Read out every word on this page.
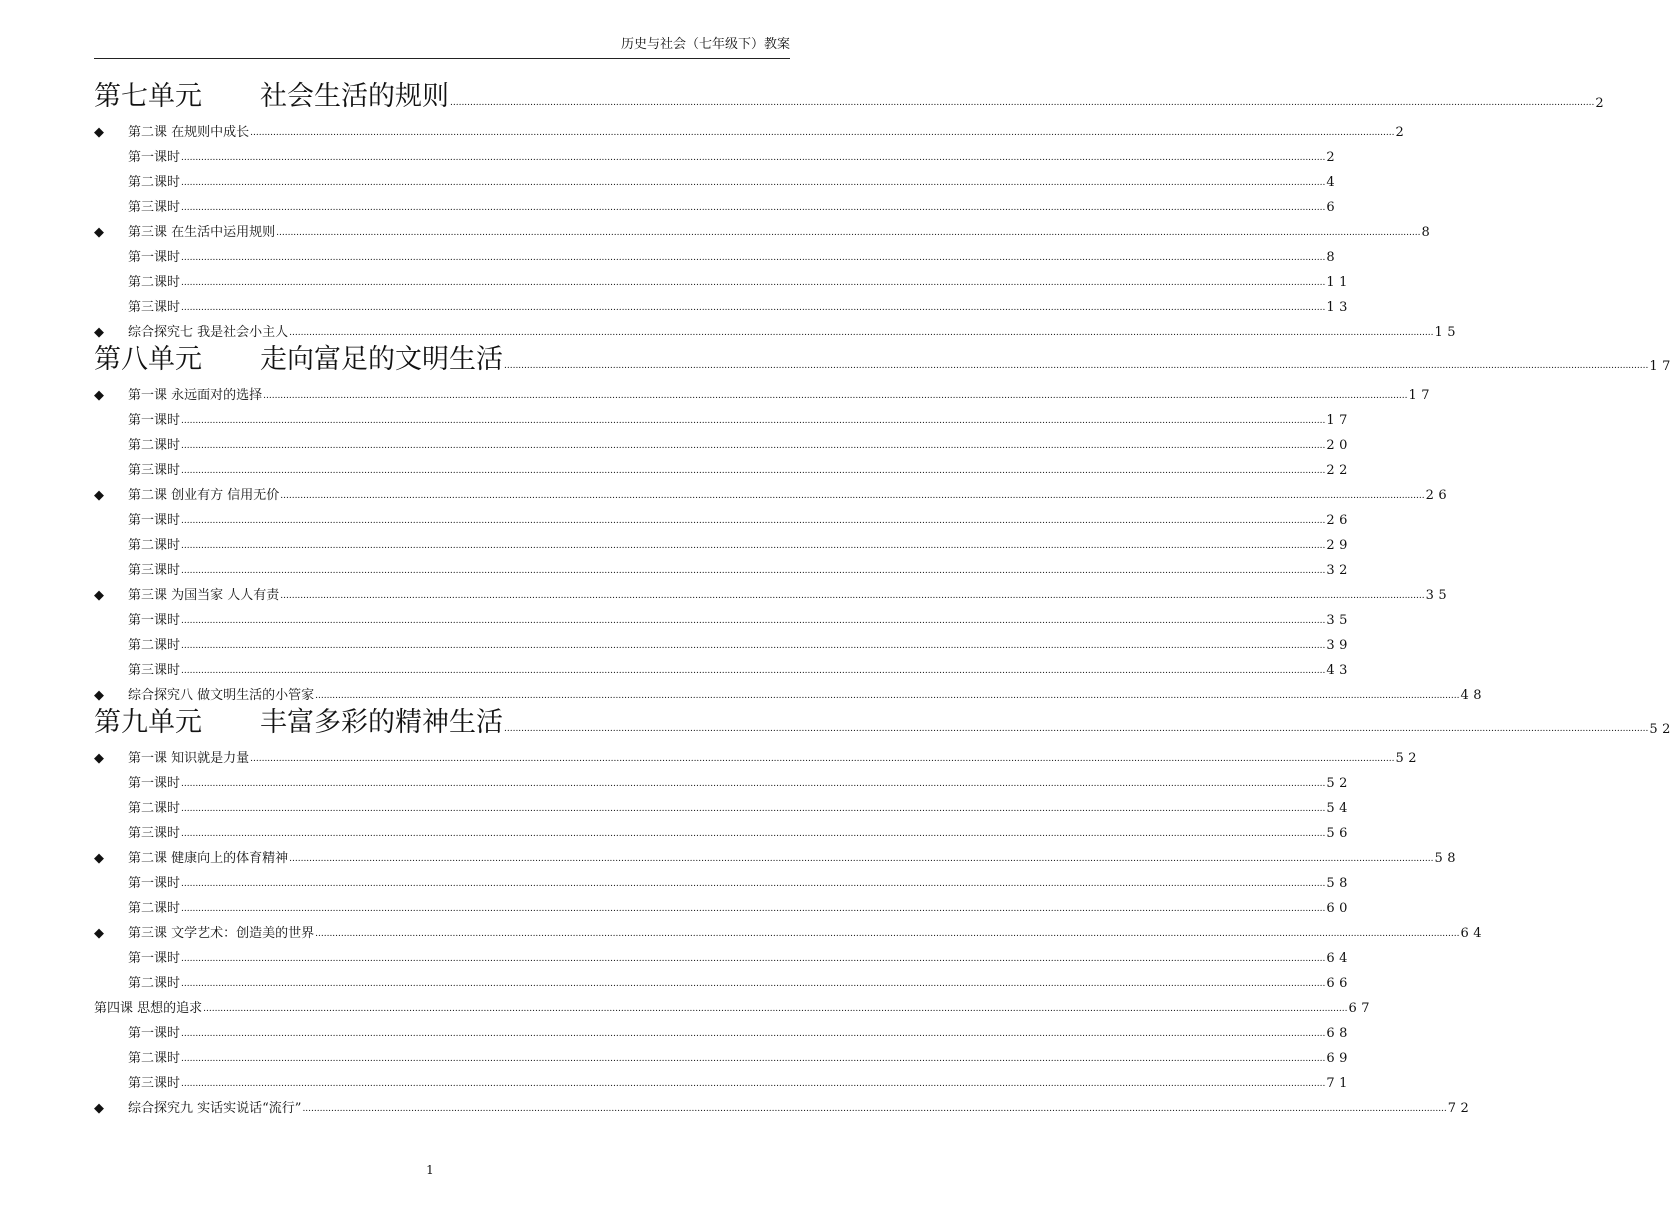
历史与社会（七年级下）教案
第七单元 社会生活的规则 ................................................................................................................................................................................................................................................................................................................................................................................................................ 2
◆ 第二课 在规则中成长 ................................................................................................................................................................................................................................................................................................................................................................................................................ 2
第一课时 ................................................................................................................................................................................................................................................................................................................................................................................................................ 2
第二课时 ................................................................................................................................................................................................................................................................................................................................................................................................................ 4
第三课时 ................................................................................................................................................................................................................................................................................................................................................................................................................ 6
◆ 第三课 在生活中运用规则 ................................................................................................................................................................................................................................................................................................................................................................................................................ 8
第一课时 ................................................................................................................................................................................................................................................................................................................................................................................................................ 8
第二课时 ................................................................................................................................................................................................................................................................................................................................................................................................................ 11
第三课时 ................................................................................................................................................................................................................................................................................................................................................................................................................ 13
◆ 综合探究七 我是社会小主人 ................................................................................................................................................................................................................................................................................................................................................................................................................ 15
第八单元 走向富足的文明生活 ................................................................................................................................................................................................................................................................................................................................................................................................................ 17
◆ 第一课 永远面对的选择 ................................................................................................................................................................................................................................................................................................................................................................................................................ 17
第一课时 ................................................................................................................................................................................................................................................................................................................................................................................................................ 17
第二课时 ................................................................................................................................................................................................................................................................................................................................................................................................................ 20
第三课时 ................................................................................................................................................................................................................................................................................................................................................................................................................ 22
◆ 第二课 创业有方 信用无价 ................................................................................................................................................................................................................................................................................................................................................................................................................ 26
第一课时 ................................................................................................................................................................................................................................................................................................................................................................................................................ 26
第二课时 ................................................................................................................................................................................................................................................................................................................................................................................................................ 29
第三课时 ................................................................................................................................................................................................................................................................................................................................................................................................................ 32
◆ 第三课 为国当家 人人有责 ................................................................................................................................................................................................................................................................................................................................................................................................................ 35
第一课时 ................................................................................................................................................................................................................................................................................................................................................................................................................ 35
第二课时 ................................................................................................................................................................................................................................................................................................................................................................................................................ 39
第三课时 ................................................................................................................................................................................................................................................................................................................................................................................................................ 43
◆ 综合探究八 做文明生活的小管家 ................................................................................................................................................................................................................................................................................................................................................................................................................ 48
第九单元 丰富多彩的精神生活 ................................................................................................................................................................................................................................................................................................................................................................................................................ 52
◆ 第一课 知识就是力量 ................................................................................................................................................................................................................................................................................................................................................................................................................ 52
第一课时 ................................................................................................................................................................................................................................................................................................................................................................................................................ 52
第二课时 ................................................................................................................................................................................................................................................................................................................................................................................................................ 54
第三课时 ................................................................................................................................................................................................................................................................................................................................................................................................................ 56
◆ 第二课 健康向上的体育精神 ................................................................................................................................................................................................................................................................................................................................................................................................................ 58
第一课时 ................................................................................................................................................................................................................................................................................................................................................................................................................ 58
第二课时 ................................................................................................................................................................................................................................................................................................................................................................................................................ 60
◆ 第三课 文学艺术：创造美的世界 ................................................................................................................................................................................................................................................................................................................................................................................................................ 64
第一课时 ................................................................................................................................................................................................................................................................................................................................................................................................................ 64
第二课时 ................................................................................................................................................................................................................................................................................................................................................................................................................ 66
第四课 思想的追求 ................................................................................................................................................................................................................................................................................................................................................................................................................ 67
第一课时 ................................................................................................................................................................................................................................................................................................................................................................................................................ 68
第二课时 ................................................................................................................................................................................................................................................................................................................................................................................................................ 69
第三课时 ................................................................................................................................................................................................................................................................................................................................................................................................................ 71
◆ 综合探究九 实话实说话“流行” ................................................................................................................................................................................................................................................................................................................................................................................................................ 72
1
